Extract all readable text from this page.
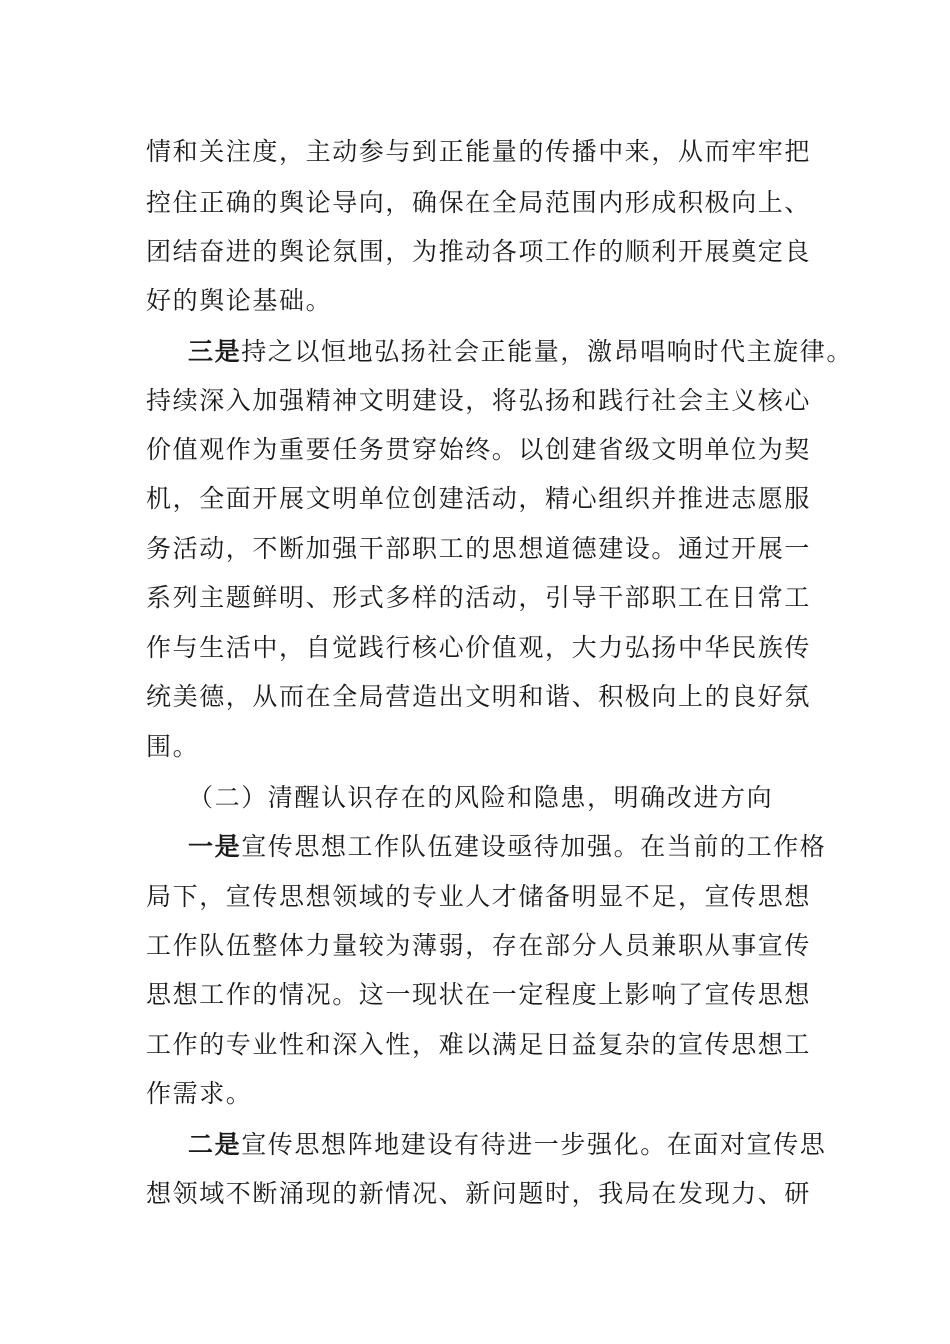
情和关注度，主动参与到正能量的传播中来，从而牢牢把
控住正确的舆论导向，确保在全局范围内形成积极向上、
团结奋进的舆论氛围，为推动各项工作的顺利开展奠定良
好的舆论基础。
三是持之以恒地弘扬社会正能量，激昂唱响时代主旋律。
持续深入加强精神文明建设，将弘扬和践行社会主义核心
价值观作为重要任务贯穿始终。以创建省级文明单位为契
机，全面开展文明单位创建活动，精心组织并推进志愿服
务活动，不断加强干部职工的思想道德建设。通过开展一
系列主题鲜明、形式多样的活动，引导干部职工在日常工
作与生活中，自觉践行核心价值观，大力弘扬中华民族传
统美德，从而在全局营造出文明和谐、积极向上的良好氛
围。
（二）清醒认识存在的风险和隐患，明确改进方向
一是宣传思想工作队伍建设亟待加强。在当前的工作格
局下，宣传思想领域的专业人才储备明显不足，宣传思想
工作队伍整体力量较为薄弱，存在部分人员兼职从事宣传
思想工作的情况。这一现状在一定程度上影响了宣传思想
工作的专业性和深入性，难以满足日益复杂的宣传思想工
作需求。
二是宣传思想阵地建设有待进一步强化。在面对宣传思
想领域不断涌现的新情况、新问题时，我局在发现力、研
